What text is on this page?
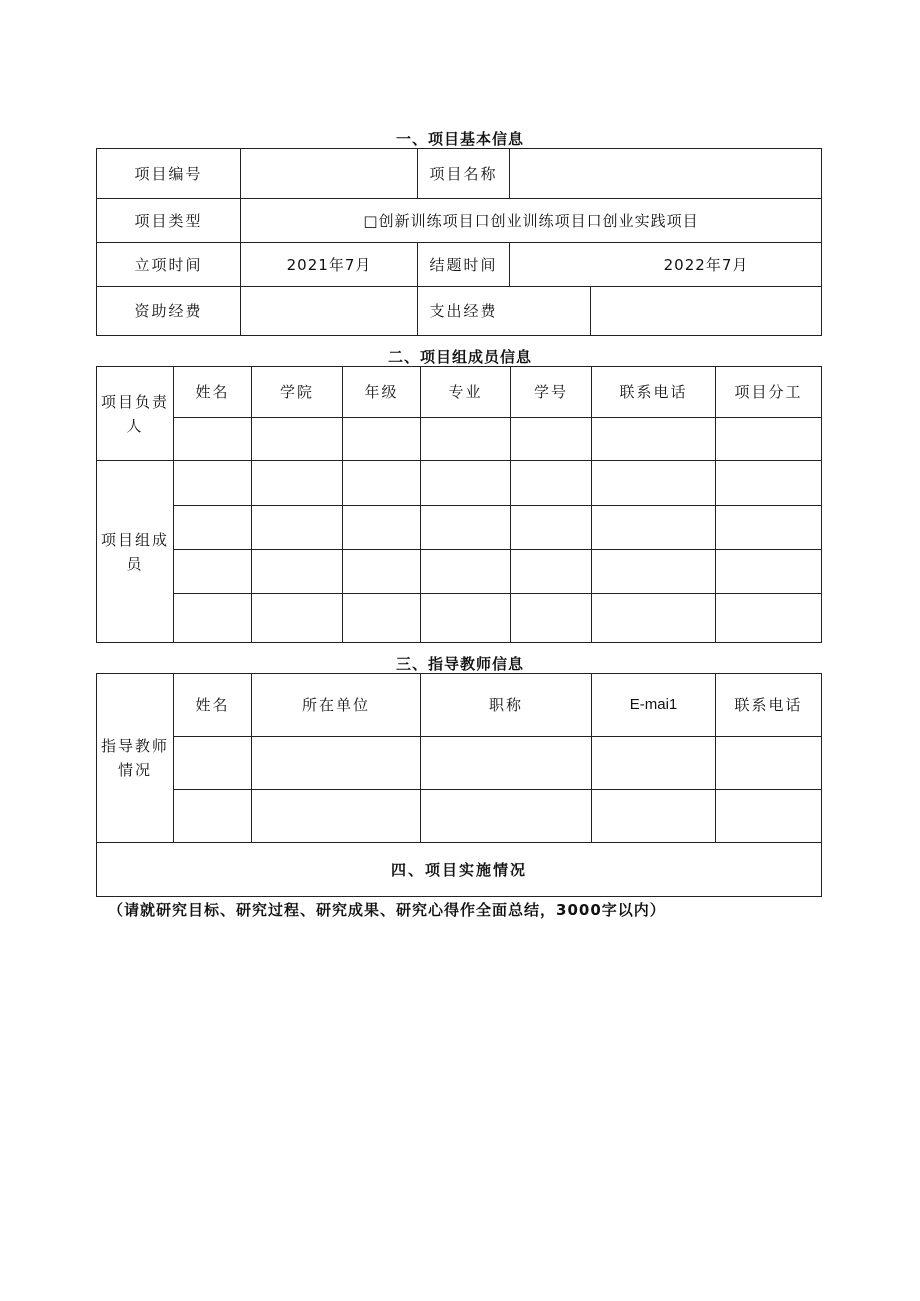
一、项目基本信息
项目编号		项目名称		
项目类型	□创新训练项目口创业训练项目口创业实践项目			
立项时间	2021年7月	结题时间	2022年7月	
资助经费		支出经费		
二、项目组成员信息
项目负责人	姓名	学院	年级	专业	学号	联系电话	项目分工

项目组成员							

三、指导教师信息
指导教师情况	姓名	所在单位	职称	E-mai1	联系电话

四、项目实施情况					
（请就研究目标、研究过程、研究成果、研究心得作全面总结，3000字以内）
